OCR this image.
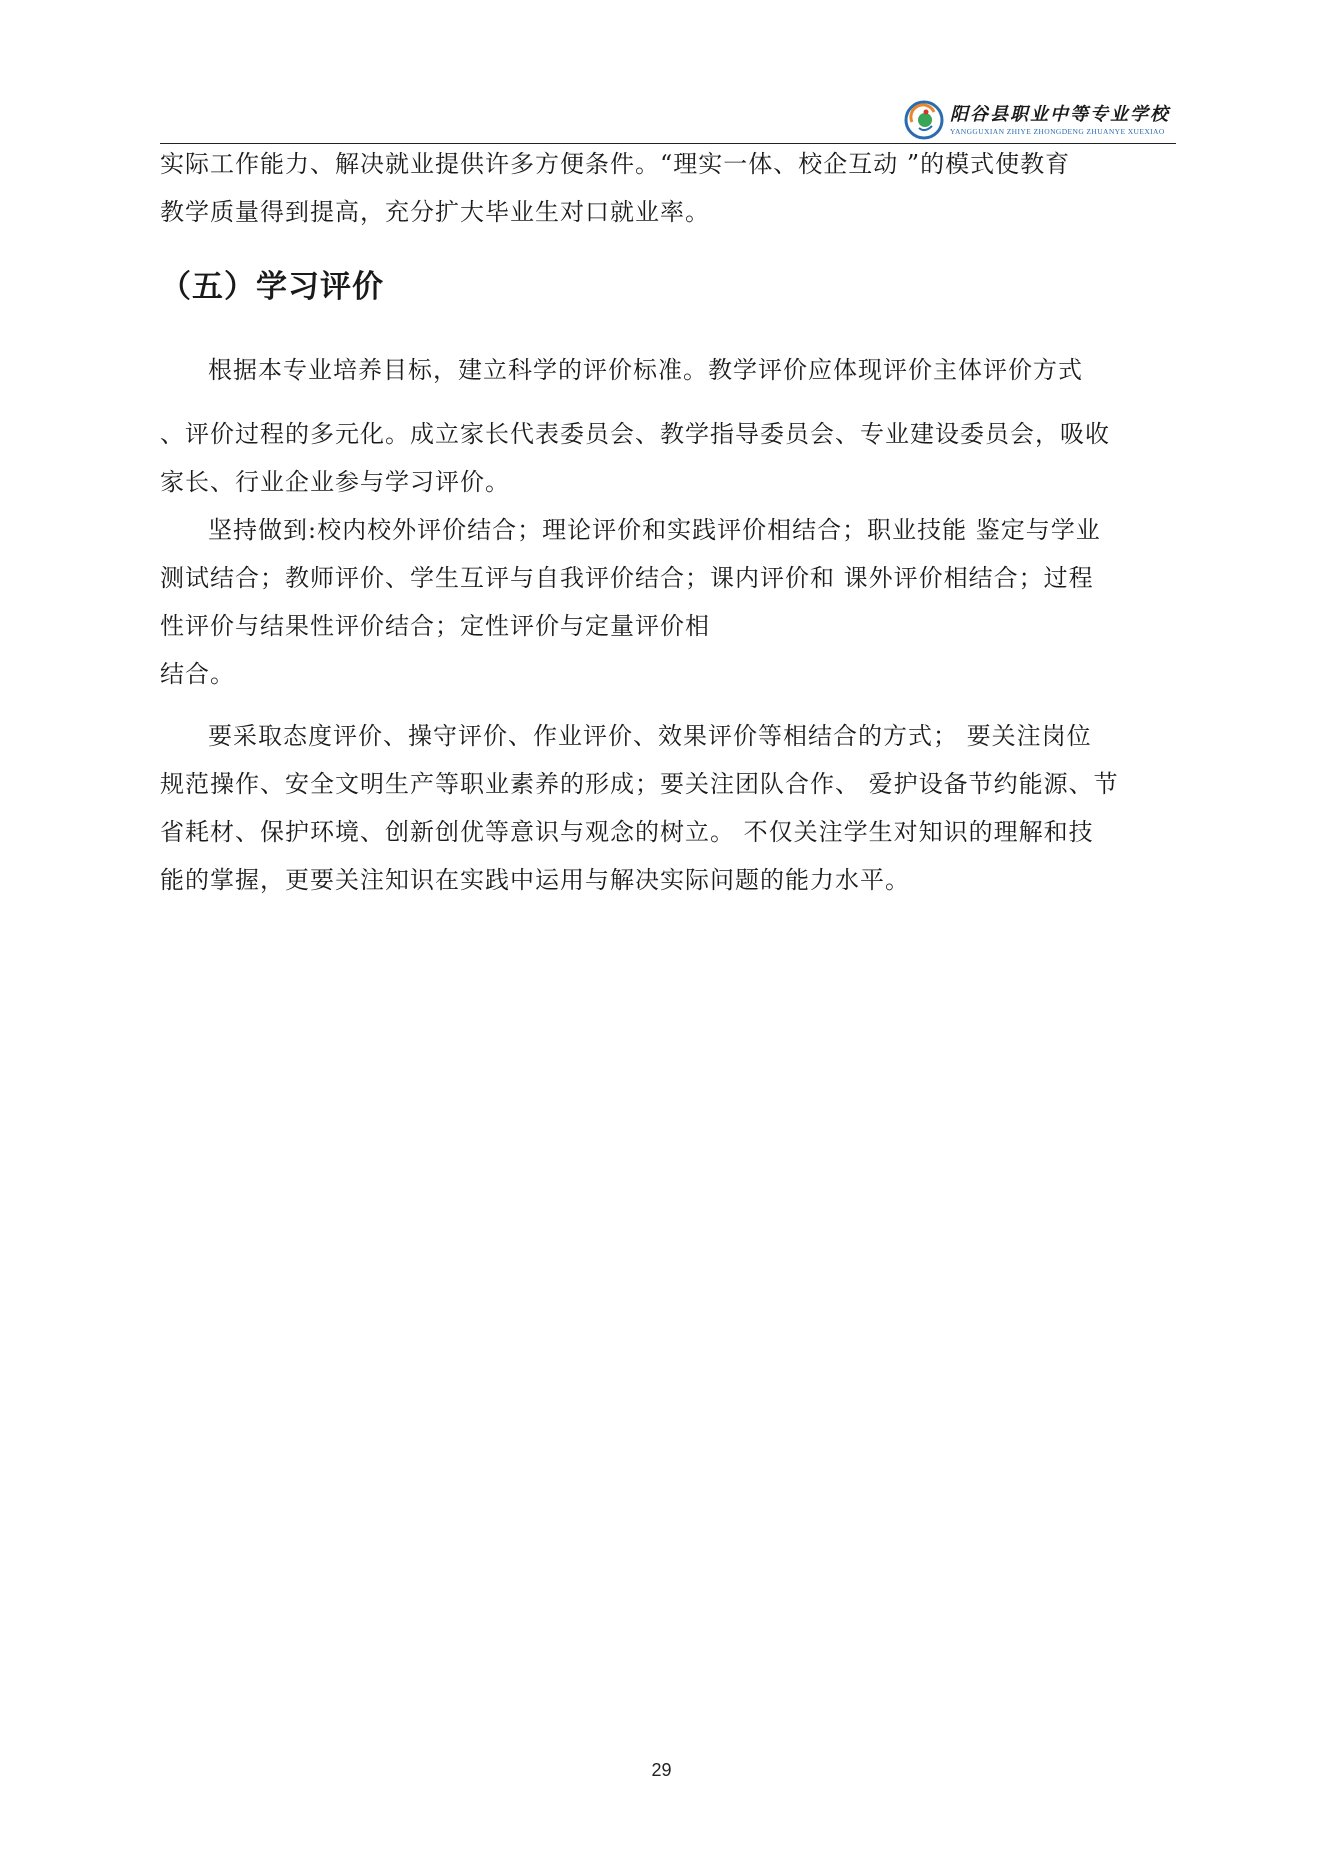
阳谷县职业中等专业学校
YANGGUXIAN ZHIYE ZHONGDENG ZHUANYE XUEXIAO

实际工作能力、解决就业提供许多方便条件。“理实一体、校企互动 ”的模式使教育
教学质量得到提高，充分扩大毕业生对口就业率。

（五）学习评价

根据本专业培养目标，建立科学的评价标准。教学评价应体现评价主体评价方式
、评价过程的多元化。成立家长代表委员会、教学指导委员会、专业建设委员会，吸收
家长、行业企业参与学习评价。

坚持做到:校内校外评价结合；理论评价和实践评价相结合；职业技能 鉴定与学业
测试结合；教师评价、学生互评与自我评价结合；课内评价和 课外评价相结合；过程
性评价与结果性评价结合；定性评价与定量评价相
结合。

要采取态度评价、操守评价、作业评价、效果评价等相结合的方式； 要关注岗位
规范操作、安全文明生产等职业素养的形成；要关注团队合作、 爱护设备节约能源、节
省耗材、保护环境、创新创优等意识与观念的树立。 不仅关注学生对知识的理解和技
能的掌握，更要关注知识在实践中运用与解决实际问题的能力水平。

29
